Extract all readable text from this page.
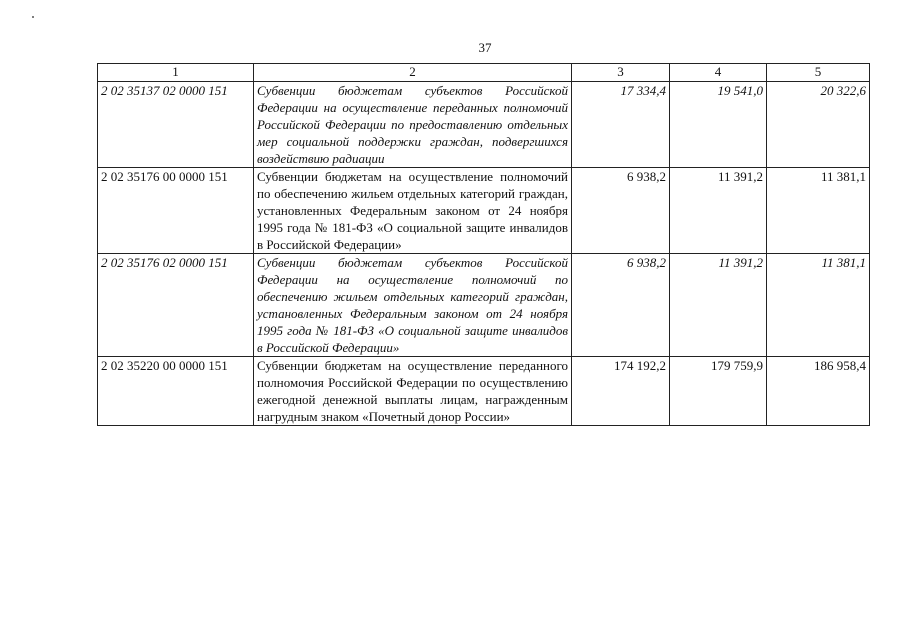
37
1	2	3	4	5
2 02 35137 02 0000 151	Субвенции бюджетам субъектов Российской Федерации на осуществление переданных полномочий Российской Федерации по предоставлению отдельных мер социальной поддержки граждан, подвергшихся воздействию радиации	17 334,4	19 541,0	20 322,6
2 02 35176 00 0000 151	Субвенции бюджетам на осуществление полномочий по обеспечению жильем отдельных категорий граждан, установленных Федеральным законом от 24 ноября 1995 года № 181-ФЗ «О социальной защите инвалидов в Российской Федерации»	6 938,2	11 391,2	11 381,1
2 02 35176 02 0000 151	Субвенции бюджетам субъектов Российской Федерации на осуществление полномочий по обеспечению жильем отдельных категорий граждан, установленных Федеральным законом от 24 ноября 1995 года № 181-ФЗ «О социальной защите инвалидов в Российской Федерации»	6 938,2	11 391,2	11 381,1
2 02 35220 00 0000 151	Субвенции бюджетам на осуществление переданного полномочия Российской Федерации по осуществлению ежегодной денежной выплаты лицам, награжденным нагрудным знаком «Почетный донор России»	174 192,2	179 759,9	186 958,4
